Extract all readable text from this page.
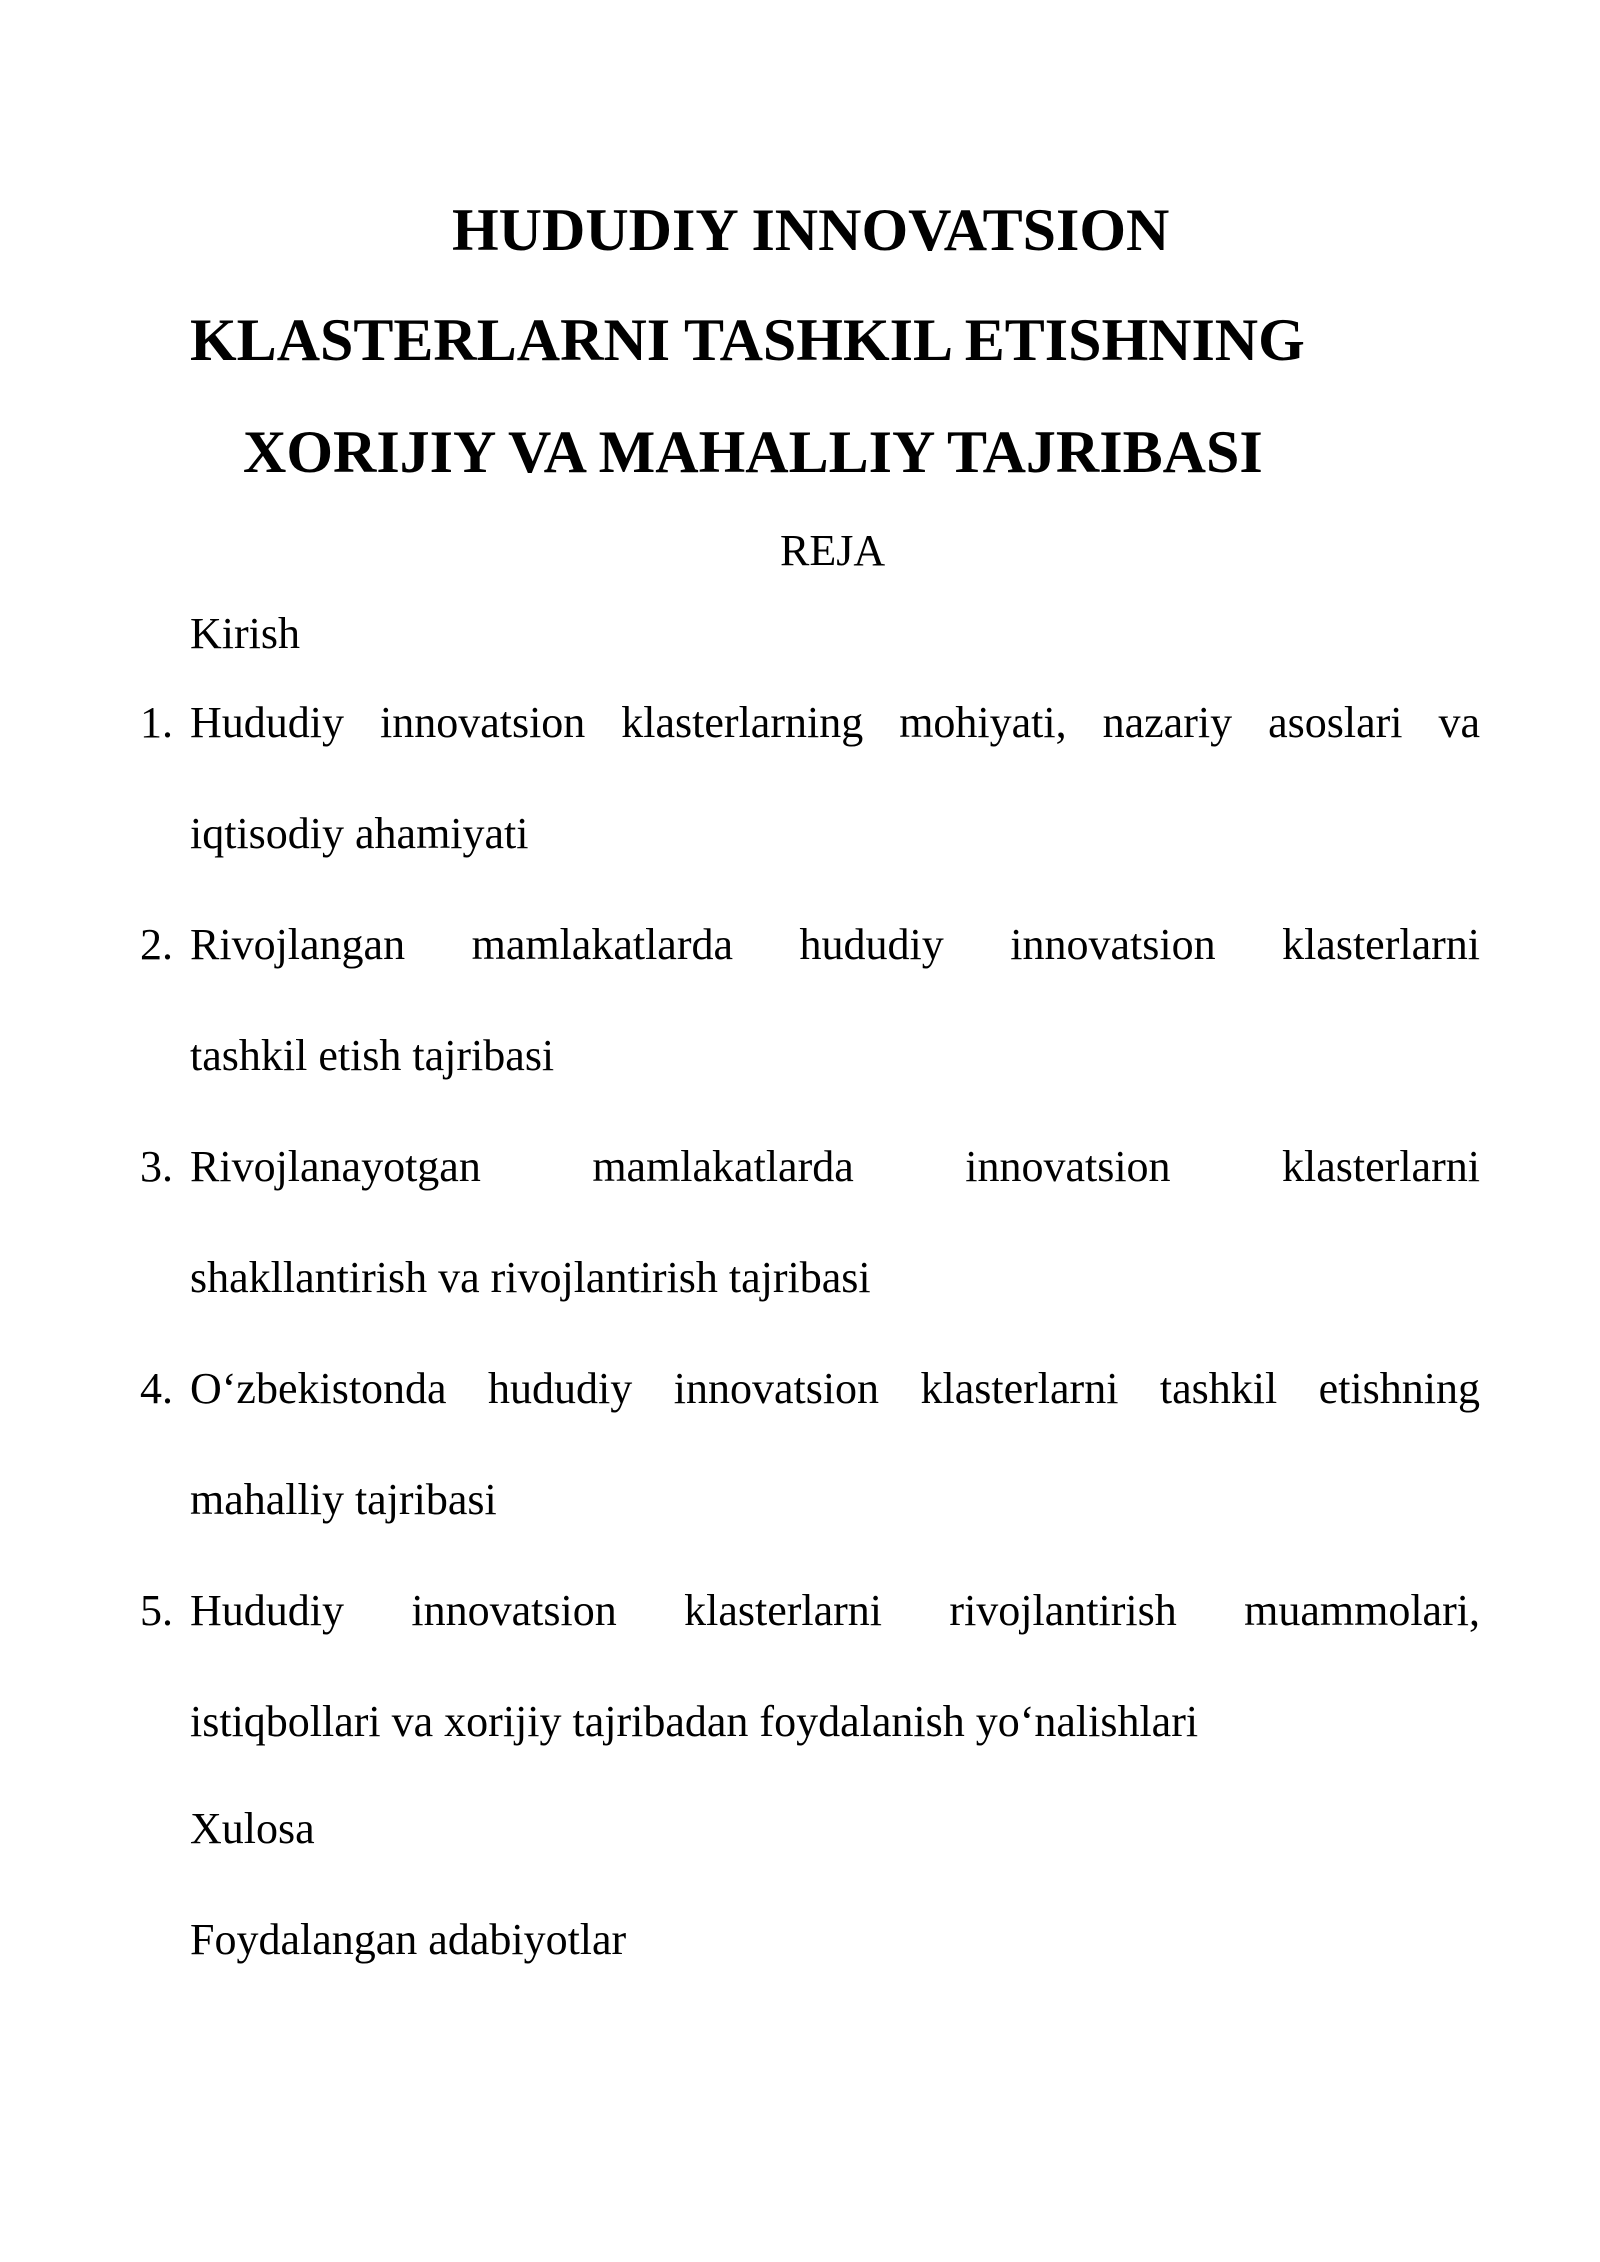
HUDUDIY INNOVATSION
KLASTERLARNI TASHKIL ETISHNING
XORIJIY VA MAHALLIY TAJRIBASI
REJA
Kirish
1. Hududiy innovatsion klasterlarning mohiyati, nazariy asoslari va
iqtisodiy ahamiyati
2. Rivojlangan mamlakatlarda hududiy innovatsion klasterlarni
tashkil etish tajribasi
3. Rivojlanayotgan	mamlakatlarda	innovatsion	klasterlarni
shakllantirish va rivojlantirish tajribasi
4. O‘zbekistonda hududiy innovatsion klasterlarni tashkil etishning
mahalliy tajribasi
5. Hududiy innovatsion klasterlarni rivojlantirish muammolari,
istiqbollari va xorijiy tajribadan foydalanish yo‘nalishlari
Xulosa
Foydalangan adabiyotlar
